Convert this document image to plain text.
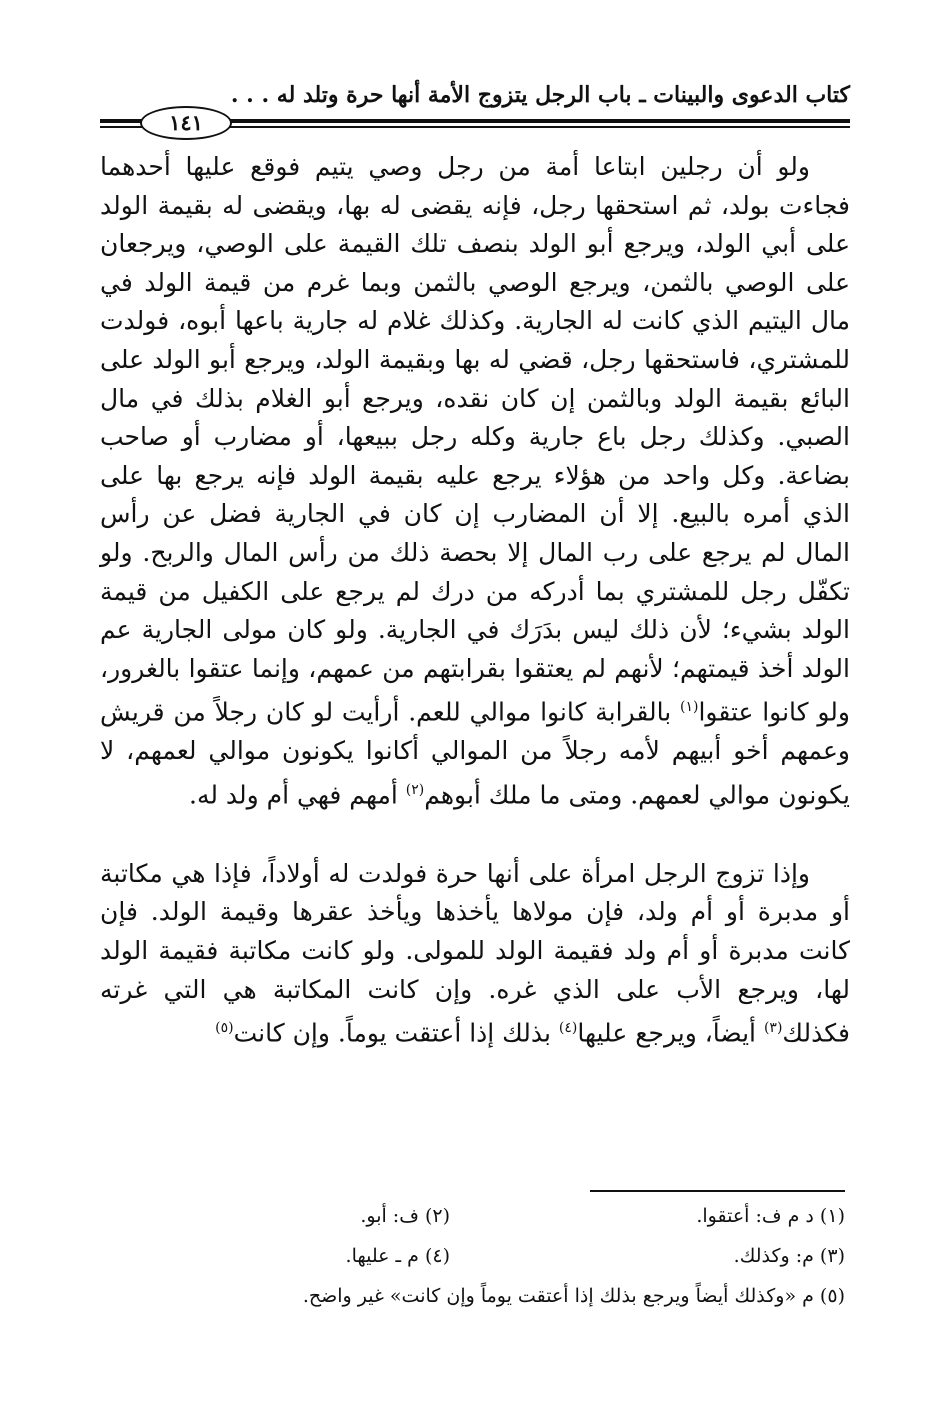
كتاب الدعوى والبينات ـ باب الرجل يتزوج الأمة أنها حرة وتلد له . . .
١٤١

ولو أن رجلين ابتاعا أمة من رجل وصي يتيم فوقع عليها أحدهما فجاءت بولد، ثم استحقها رجل، فإنه يقضى له بها، ويقضى له بقيمة الولد على أبي الولد، ويرجع أبو الولد بنصف تلك القيمة على الوصي، ويرجعان على الوصي بالثمن، ويرجع الوصي بالثمن وبما غرم من قيمة الولد في مال اليتيم الذي كانت له الجارية. وكذلك غلام له جارية باعها أبوه، فولدت للمشتري، فاستحقها رجل، قضي له بها وبقيمة الولد، ويرجع أبو الولد على البائع بقيمة الولد وبالثمن إن كان نقده، ويرجع أبو الغلام بذلك في مال الصبي. وكذلك رجل باع جارية وكله رجل ببيعها، أو مضارب أو صاحب بضاعة. وكل واحد من هؤلاء يرجع عليه بقيمة الولد فإنه يرجع بها على الذي أمره بالبيع. إلا أن المضارب إن كان في الجارية فضل عن رأس المال لم يرجع على رب المال إلا بحصة ذلك من رأس المال والربح. ولو تكفّل رجل للمشتري بما أدركه من درك لم يرجع على الكفيل من قيمة الولد بشيء؛ لأن ذلك ليس بدَرَك في الجارية. ولو كان مولى الجارية عم الولد أخذ قيمتهم؛ لأنهم لم يعتقوا بقرابتهم من عمهم، وإنما عتقوا بالغرور، ولو كانوا عتقوا$^{(١)}$ بالقرابة كانوا موالي للعم. أرأيت لو كان رجلاً من قريش وعمهم أخو أبيهم لأمه رجلاً من الموالي أكانوا يكونون موالي لعمهم، لا يكونون موالي لعمهم. ومتى ما ملك أبوهم$^{(٢)}$ أمهم فهي أم ولد له.

وإذا تزوج الرجل امرأة على أنها حرة فولدت له أولاداً، فإذا هي مكاتبة أو مدبرة أو أم ولد، فإن مولاها يأخذها ويأخذ عقرها وقيمة الولد. فإن كانت مدبرة أو أم ولد فقيمة الولد للمولى. ولو كانت مكاتبة فقيمة الولد لها، ويرجع الأب على الذي غره. وإن كانت المكاتبة هي التي غرته فكذلك$^{(٣)}$ أيضاً، ويرجع عليها$^{(٤)}$ بذلك إذا أعتقت يوماً. وإن كانت$^{(٥)}$

(١) د م ف: أعتقوا.
(٢) ف: أبو.
(٣) م: وكذلك.
(٤) م ـ عليها.
(٥) م «وكذلك أيضاً ويرجع بذلك إذا أعتقت يوماً وإن كانت» غير واضح.
